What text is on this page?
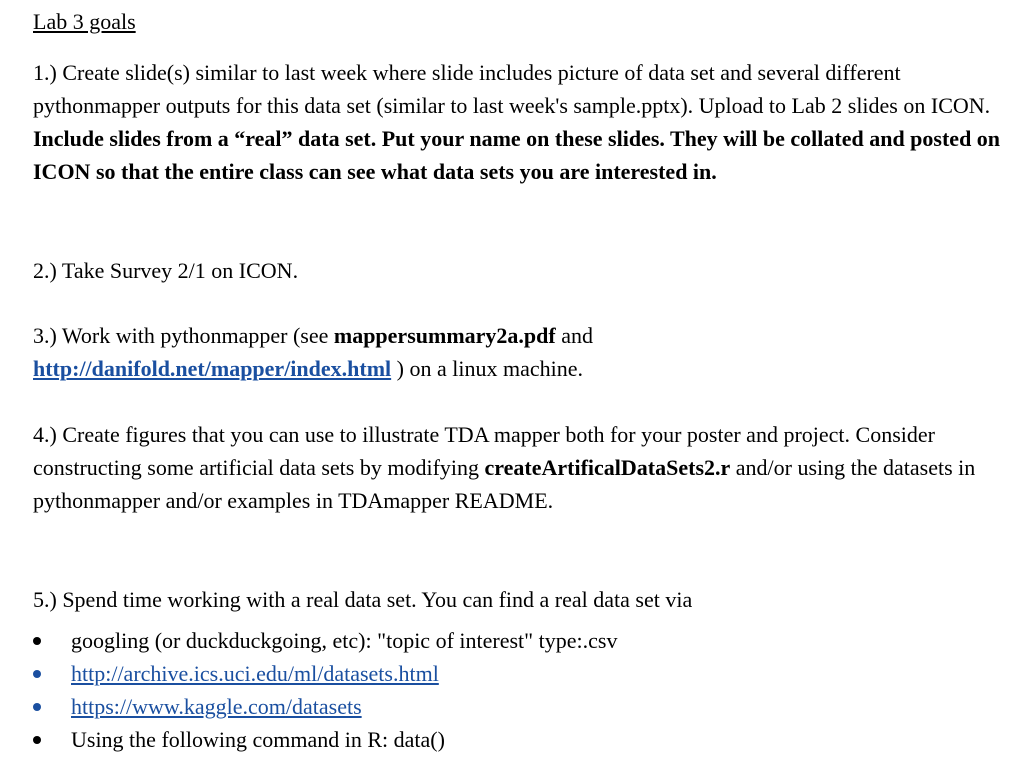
Lab 3 goals

1.) Create slide(s) similar to last week where slide includes picture of data set and several different pythonmapper outputs for this data set (similar to last week's sample.pptx). Upload to Lab 2 slides on ICON. Include slides from a “real” data set. Put your name on these slides. They will be collated and posted on ICON so that the entire class can see what data sets you are interested in.

2.) Take Survey 2/1 on ICON.

3.) Work with pythonmapper (see mappersummary2a.pdf and
http://danifold.net/mapper/index.html ) on a linux machine.

4.) Create figures that you can use to illustrate TDA mapper both for your poster and project. Consider constructing some artificial data sets by modifying createArtificalDataSets2.r and/or using the datasets in pythonmapper and/or examples in TDAmapper README.

5.) Spend time working with a real data set. You can find a real data set via

googling (or duckduckgoing, etc): "topic of interest" type:.csv
http://archive.ics.uci.edu/ml/datasets.html
https://www.kaggle.com/datasets
Using the following command in R: data()
